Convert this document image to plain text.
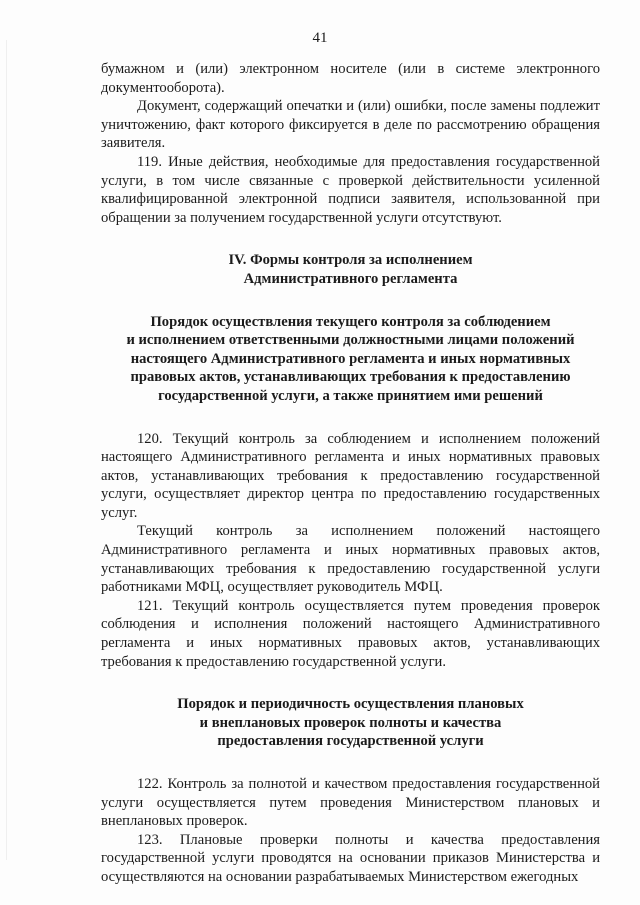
41

бумажном и (или) электронном носителе (или в системе электронного документооборота).

Документ, содержащий опечатки и (или) ошибки, после замены подлежит уничтожению, факт которого фиксируется в деле по рассмотрению обращения заявителя.

119. Иные действия, необходимые для предоставления государственной услуги, в том числе связанные с проверкой действительности усиленной квалифицированной электронной подписи заявителя, использованной при обращении за получением государственной услуги отсутствуют.

IV. Формы контроля за исполнением
Административного регламента
Порядок осуществления текущего контроля за соблюдением
и исполнением ответственными должностными лицами положений
настоящего Административного регламента и иных нормативных
правовых актов, устанавливающих требования к предоставлению
государственной услуги, а также принятием ими решений

120. Текущий контроль за соблюдением и исполнением положений настоящего Административного регламента и иных нормативных правовых актов, устанавливающих требования к предоставлению государственной услуги, осуществляет директор центра по предоставлению государственных услуг.

Текущий контроль за исполнением положений настоящего Административного регламента и иных нормативных правовых актов, устанавливающих требования к предоставлению государственной услуги работниками МФЦ, осуществляет руководитель МФЦ.

121. Текущий контроль осуществляется путем проведения проверок соблюдения и исполнения положений настоящего Административного регламента и иных нормативных правовых актов, устанавливающих требования к предоставлению государственной услуги.

Порядок и периодичность осуществления плановых
и внеплановых проверок полноты и качества
предоставления государственной услуги

122. Контроль за полнотой и качеством предоставления государственной услуги осуществляется путем проведения Министерством плановых и внеплановых проверок.

123. Плановые проверки полноты и качества предоставления государственной услуги проводятся на основании приказов Министерства и осуществляются на основании разрабатываемых Министерством ежегодных
